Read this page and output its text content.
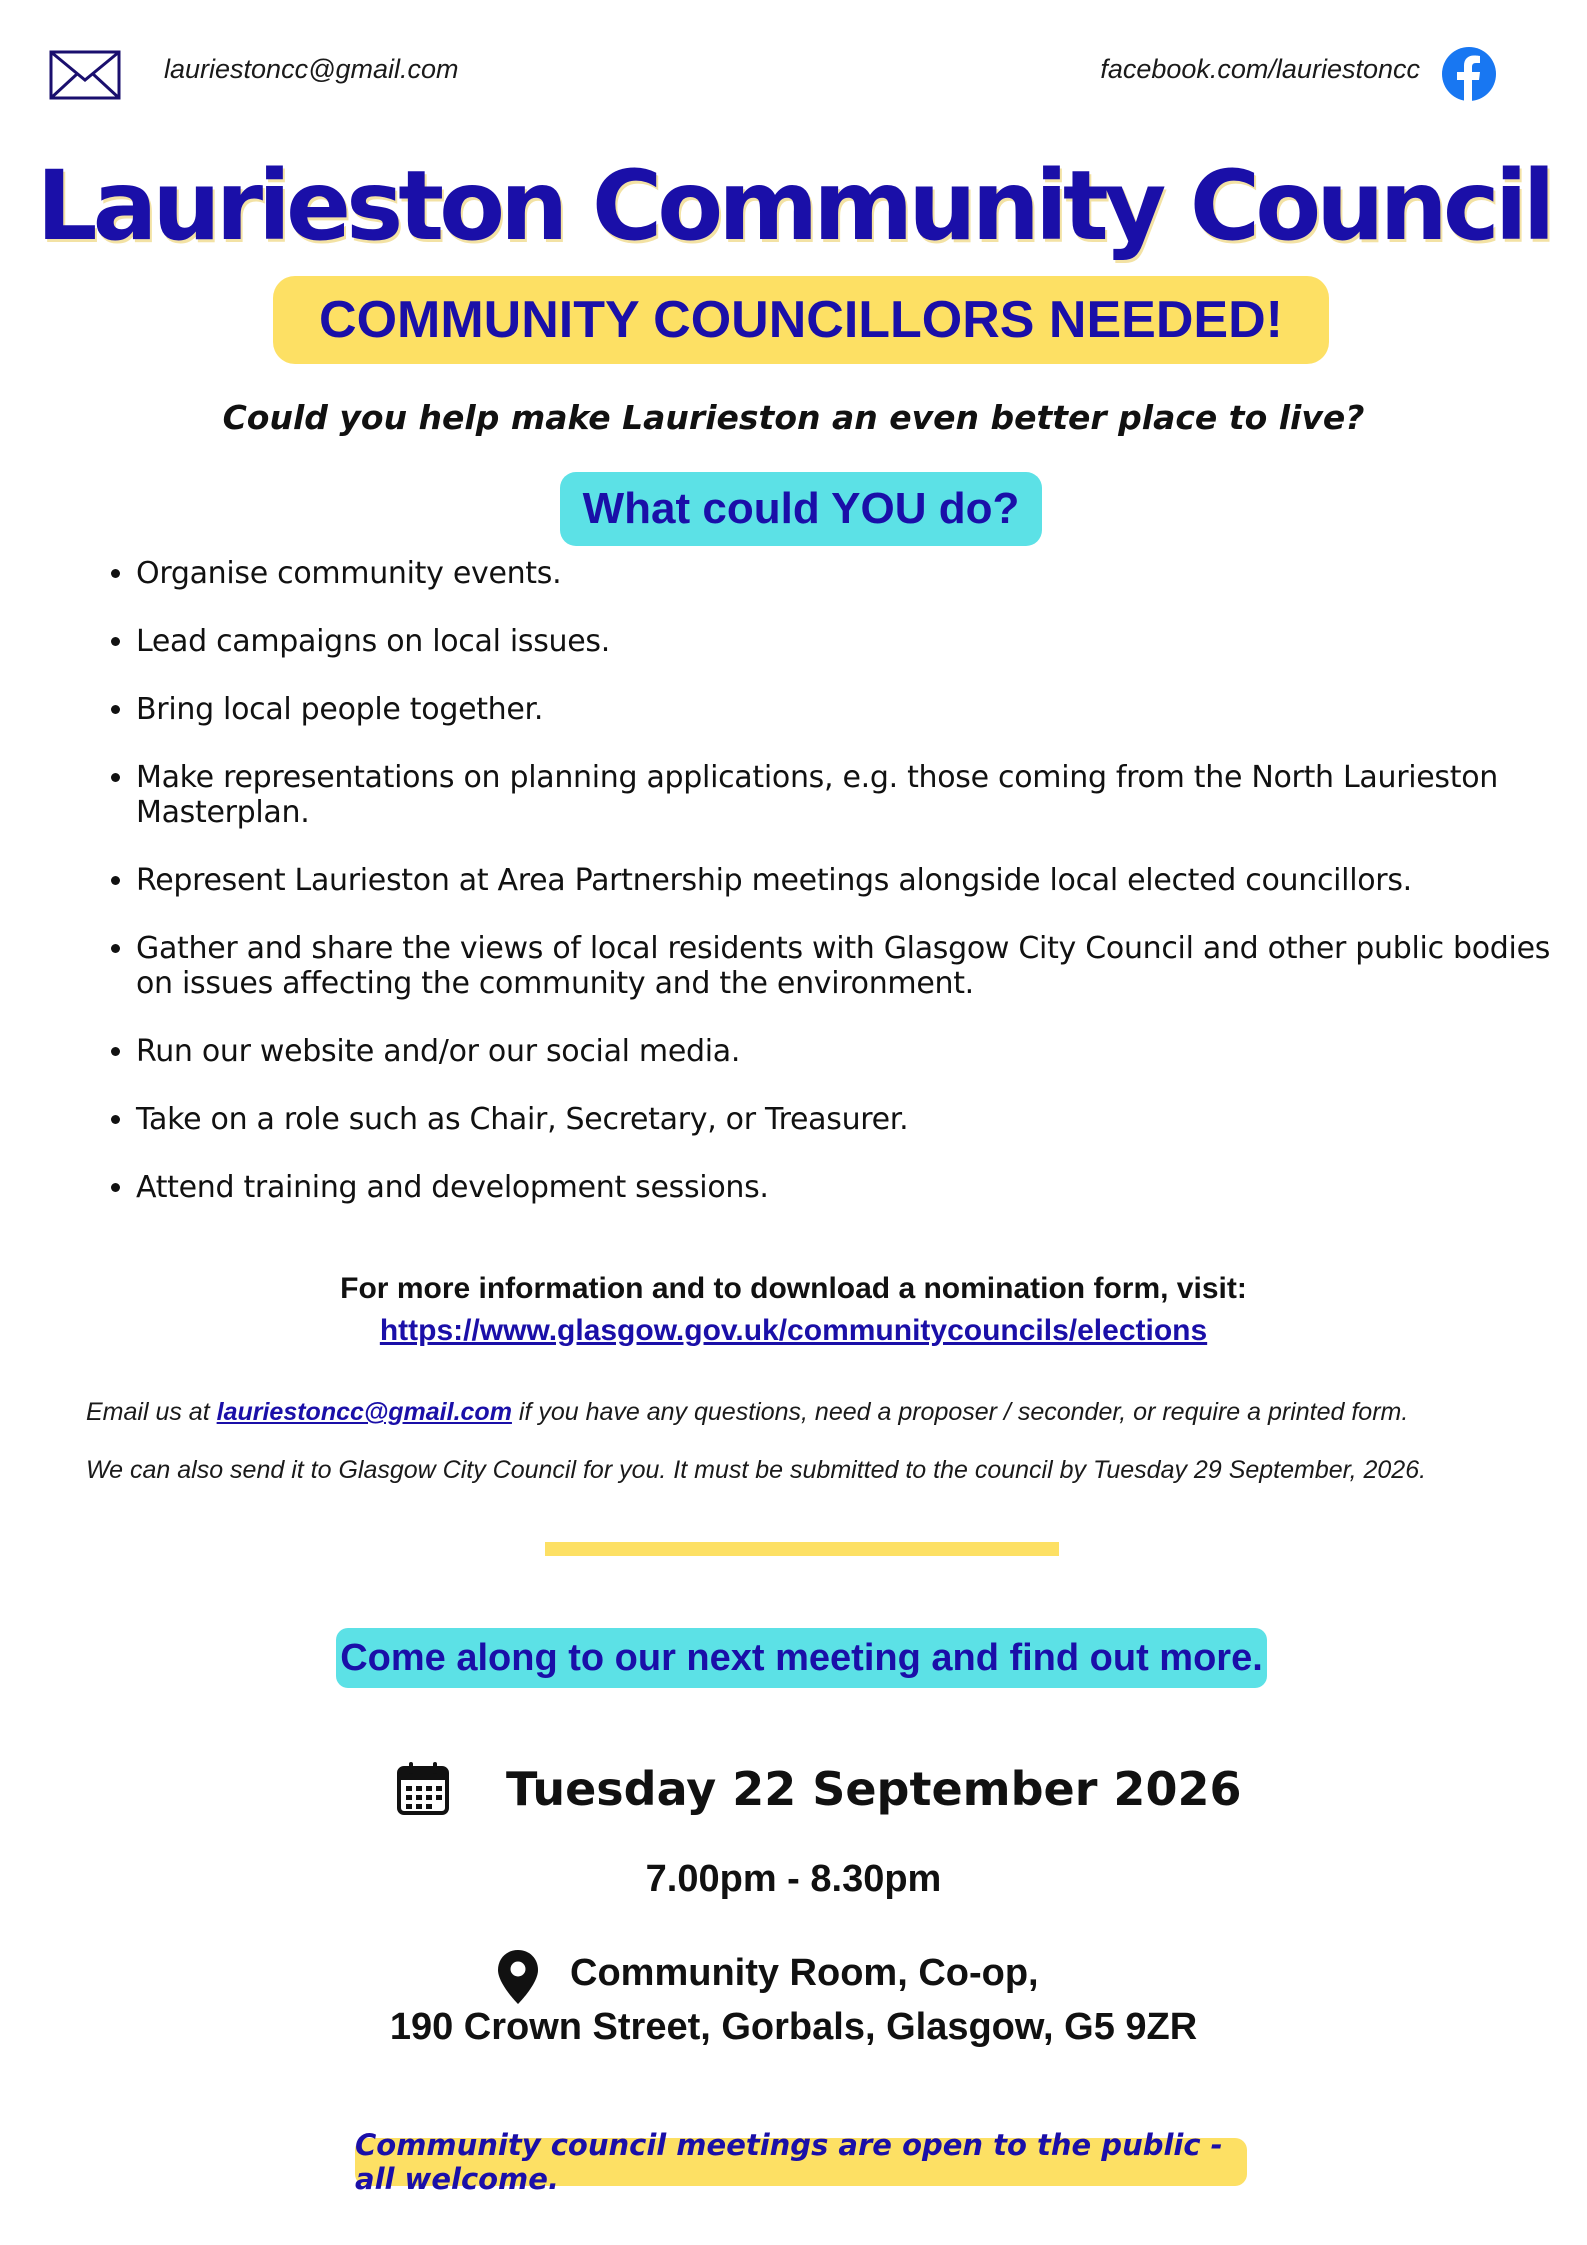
lauriestoncc@gmail.com	facebook.com/lauriestoncc
Laurieston Community Council
COMMUNITY COUNCILLORS NEEDED!
Could you help make Laurieston an even better place to live?
What could YOU do?
• Organise community events.
• Lead campaigns on local issues.
• Bring local people together.
• Make representations on planning applications, e.g. those coming from the North Laurieston Masterplan.
• Represent Laurieston at Area Partnership meetings alongside local elected councillors.
• Gather and share the views of local residents with Glasgow City Council and other public bodies on issues affecting the community and the environment.
• Run our website and/or our social media.
• Take on a role such as Chair, Secretary, or Treasurer.
• Attend training and development sessions.
For more information and to download a nomination form, visit:
https://www.glasgow.gov.uk/communitycouncils/elections
Email us at lauriestoncc@gmail.com if you have any questions, need a proposer / seconder, or require a printed form.
We can also send it to Glasgow City Council for you. It must be submitted to the council by Tuesday 29 September, 2026.
Come along to our next meeting and find out more.
Tuesday 22 September 2026
7.00pm - 8.30pm
Community Room, Co-op,
190 Crown Street, Gorbals, Glasgow, G5 9ZR
Community council meetings are open to the public - all welcome.
